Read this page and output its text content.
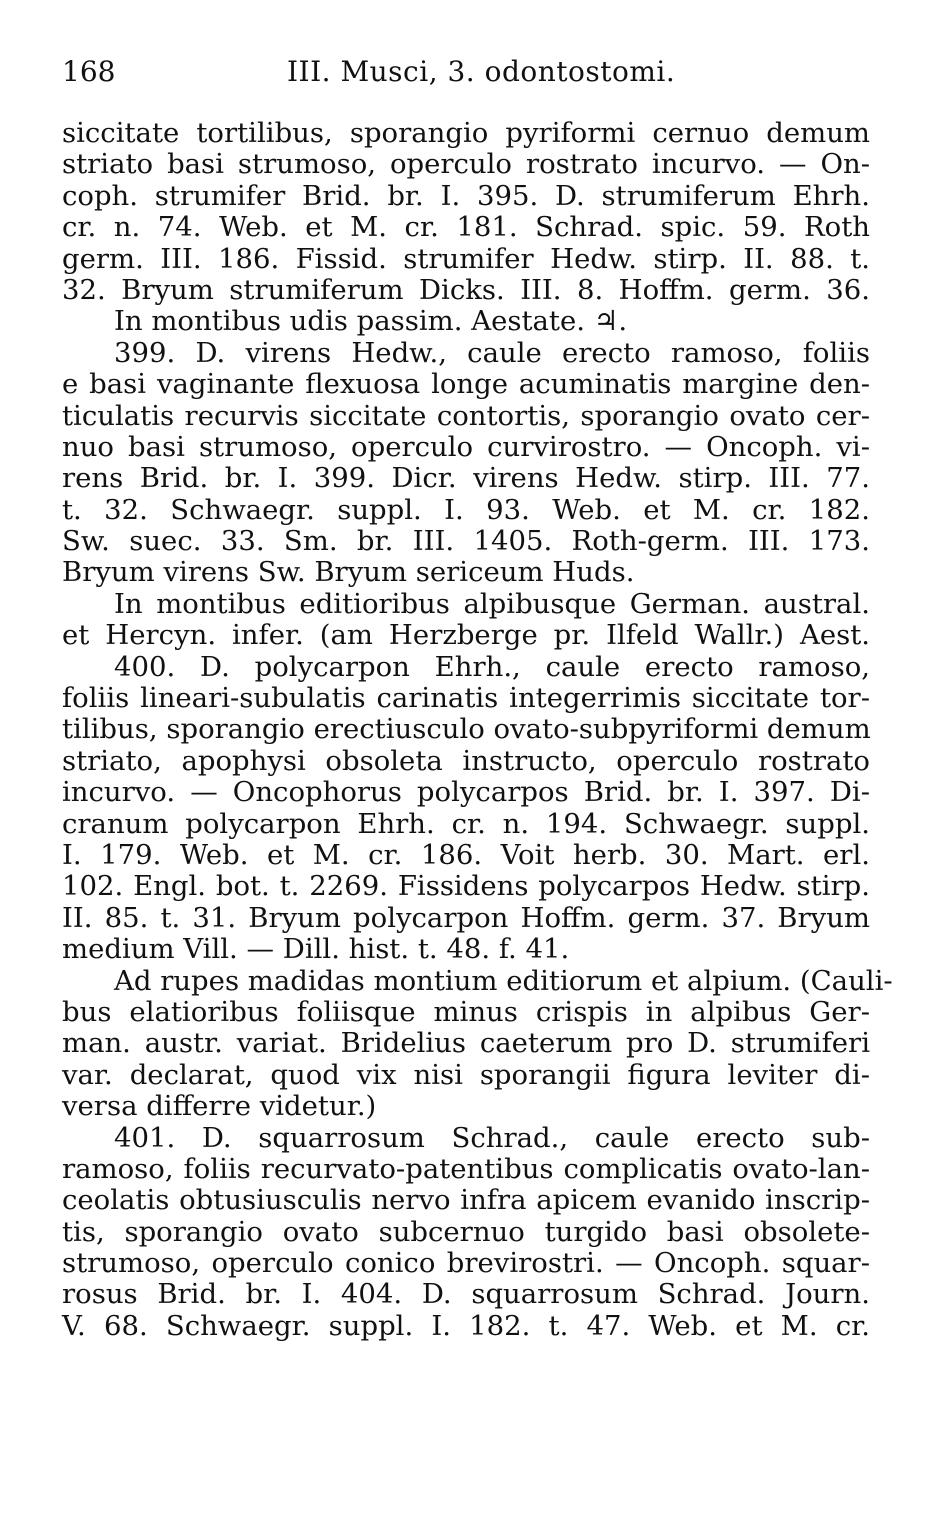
168	III. Musci, 3. odontostomi.
siccitate tortilibus, sporangio pyriformi cernuo demum
striato basi strumoso, operculo rostrato incurvo. — On-
coph. strumifer Brid. br. I. 395. D. strumiferum Ehrh.
cr. n. 74. Web. et M. cr. 181. Schrad. spic. 59. Roth
germ. III. 186. Fissid. strumifer Hedw. stirp. II. 88. t.
32. Bryum strumiferum Dicks. III. 8. Hoffm. germ. 36.
In montibus udis passim. Aestate. ♃.
399. D. virens Hedw., caule erecto ramoso, foliis
e basi vaginante flexuosa longe acuminatis margine den-
ticulatis recurvis siccitate contortis, sporangio ovato cer-
nuo basi strumoso, operculo curvirostro. — Oncoph. vi-
rens Brid. br. I. 399. Dicr. virens Hedw. stirp. III. 77.
t. 32. Schwaegr. suppl. I. 93. Web. et M. cr. 182.
Sw. suec. 33. Sm. br. III. 1405. Roth-germ. III. 173.
Bryum virens Sw. Bryum sericeum Huds.
In montibus editioribus alpibusque German. austral.
et Hercyn. infer. (am Herzberge pr. Ilfeld Wallr.) Aest.
400. D. polycarpon Ehrh., caule erecto ramoso,
foliis lineari-subulatis carinatis integerrimis siccitate tor-
tilibus, sporangio erectiusculo ovato-subpyriformi demum
striato, apophysi obsoleta instructo, operculo rostrato
incurvo. — Oncophorus polycarpos Brid. br. I. 397. Di-
cranum polycarpon Ehrh. cr. n. 194. Schwaegr. suppl.
I. 179. Web. et M. cr. 186. Voit herb. 30. Mart. erl.
102. Engl. bot. t. 2269. Fissidens polycarpos Hedw. stirp.
II. 85. t. 31. Bryum polycarpon Hoffm. germ. 37. Bryum
medium Vill. — Dill. hist. t. 48. f. 41.
Ad rupes madidas montium editiorum et alpium. (Cauli-
bus elatioribus foliisque minus crispis in alpibus Ger-
man. austr. variat. Bridelius caeterum pro D. strumiferi
var. declarat, quod vix nisi sporangii figura leviter di-
versa differre videtur.)
401. D. squarrosum Schrad., caule erecto sub-
ramoso, foliis recurvato-patentibus complicatis ovato-lan-
ceolatis obtusiusculis nervo infra apicem evanido inscrip-
tis, sporangio ovato subcernuo turgido basi obsolete-
strumoso, operculo conico brevirostri. — Oncoph. squar-
rosus Brid. br. I. 404. D. squarrosum Schrad. Journ.
V. 68. Schwaegr. suppl. I. 182. t. 47. Web. et M. cr.
